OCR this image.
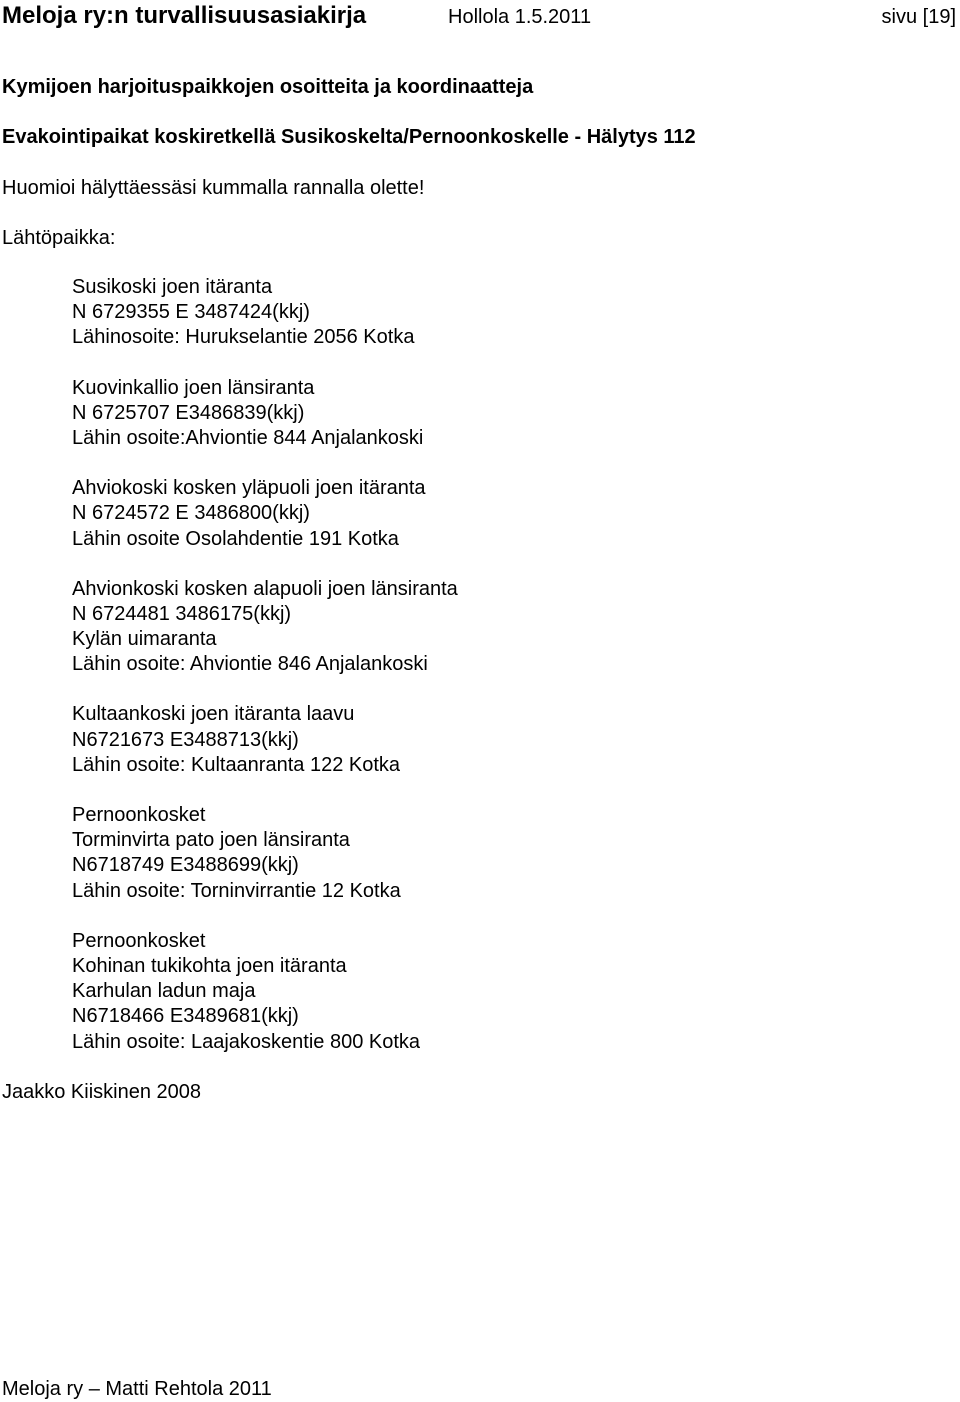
Meloja ry:n turvallisuusasiakirja	Hollola 1.5.2011	sivu [19]
Kymijoen harjoituspaikkojen osoitteita ja koordinaatteja
Evakointipaikat koskiretkellä Susikoskelta/Pernoonkoskelle - Hälytys 112
Huomioi hälyttäessäsi kummalla rannalla olette!
Lähtöpaikka:
Susikoski joen itäranta
N 6729355 E 3487424(kkj)
Lähinosoite: Hurukselantie 2056 Kotka
Kuovinkallio joen länsiranta
N 6725707 E3486839(kkj)
Lähin osoite:Ahviontie 844 Anjalankoski
Ahviokoski kosken yläpuoli joen itäranta
N 6724572 E 3486800(kkj)
Lähin osoite Osolahdentie 191 Kotka
Ahvionkoski kosken alapuoli joen länsiranta
N 6724481 3486175(kkj)
Kylän uimaranta
Lähin osoite: Ahviontie 846 Anjalankoski
Kultaankoski joen itäranta laavu
N6721673 E3488713(kkj)
Lähin osoite: Kultaanranta 122 Kotka
Pernoonkosket
Torminvirta pato joen länsiranta
N6718749 E3488699(kkj)
Lähin osoite: Torninvirrantie 12 Kotka
Pernoonkosket
Kohinan tukikohta joen itäranta
Karhulan ladun maja
N6718466 E3489681(kkj)
Lähin osoite: Laajakoskentie 800 Kotka
Jaakko Kiiskinen 2008
Meloja ry – Matti Rehtola 2011
